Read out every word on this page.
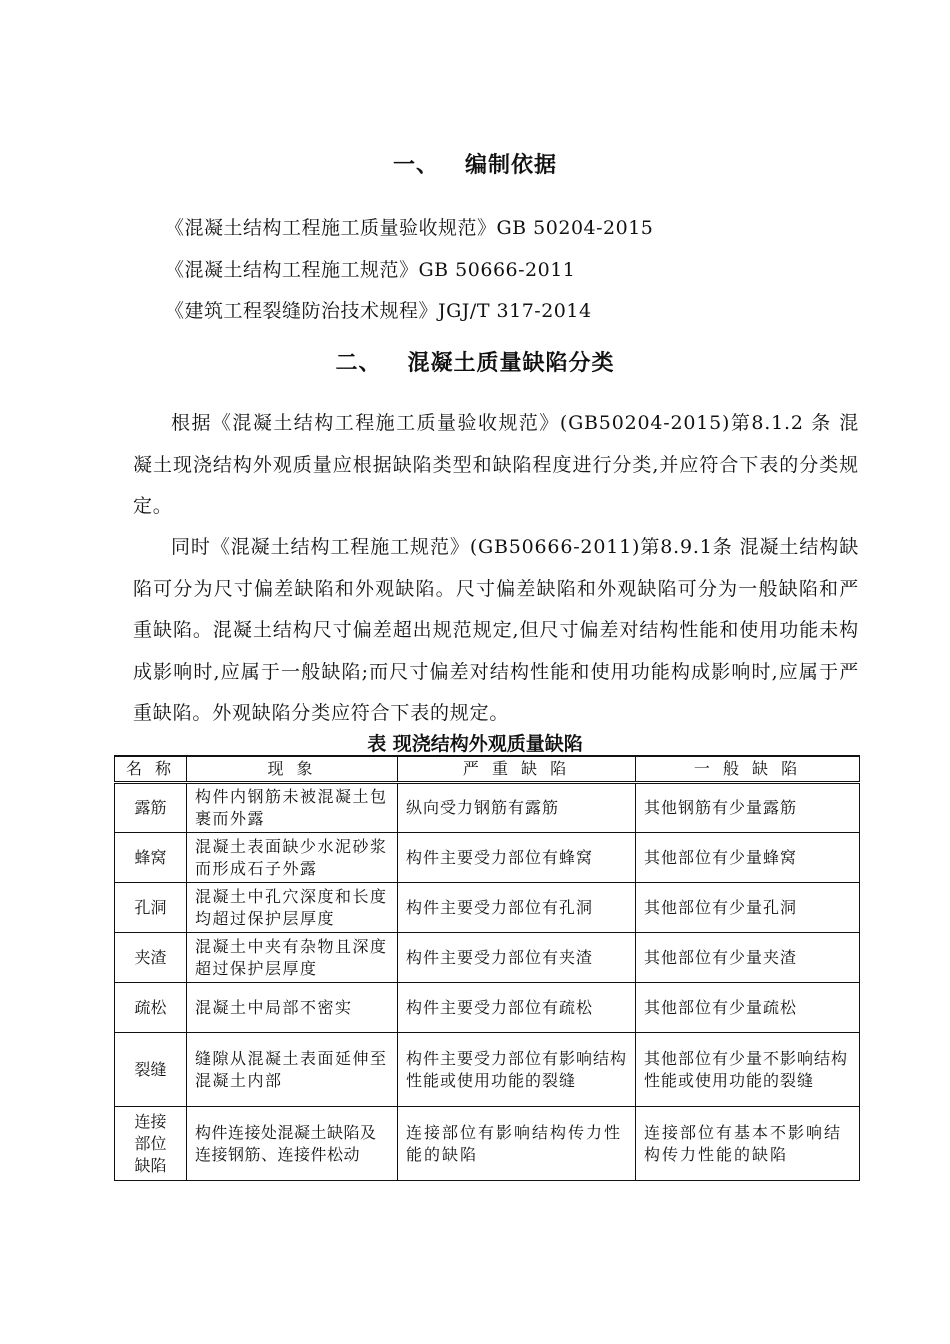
一、 编制依据
《混凝土结构工程施工质量验收规范》GB 50204-2015
《混凝土结构工程施工规范》GB 50666-2011
《建筑工程裂缝防治技术规程》JGJ/T 317-2014
二、 混凝土质量缺陷分类

根据《混凝土结构工程施工质量验收规范》(GB50204-2015)第8.1.2 条 混凝土现浇结构外观质量应根据缺陷类型和缺陷程度进行分类,并应符合下表的分类规定。

同时《混凝土结构工程施工规范》(GB50666-2011)第8.9.1条 混凝土结构缺陷可分为尺寸偏差缺陷和外观缺陷。尺寸偏差缺陷和外观缺陷可分为一般缺陷和严重缺陷。混凝土结构尺寸偏差超出规范规定,但尺寸偏差对结构性能和使用功能未构成影响时,应属于一般缺陷;而尺寸偏差对结构性能和使用功能构成影响时,应属于严重缺陷。外观缺陷分类应符合下表的规定。

表 现浇结构外观质量缺陷
名 称	现 象	严 重 缺 陷	一 般 缺 陷
露筋	构件内钢筋未被混凝土包裹而外露	纵向受力钢筋有露筋	其他钢筋有少量露筋
蜂窝	混凝土表面缺少水泥砂浆而形成石子外露	构件主要受力部位有蜂窝	其他部位有少量蜂窝
孔洞	混凝土中孔穴深度和长度均超过保护层厚度	构件主要受力部位有孔洞	其他部位有少量孔洞
夹渣	混凝土中夹有杂物且深度超过保护层厚度	构件主要受力部位有夹渣	其他部位有少量夹渣
疏松	混凝土中局部不密实	构件主要受力部位有疏松	其他部位有少量疏松
裂缝	缝隙从混凝土表面延伸至混凝土内部	构件主要受力部位有影响结构性能或使用功能的裂缝	其他部位有少量不影响结构性能或使用功能的裂缝
连接部位缺陷	构件连接处混凝土缺陷及连接钢筋、连接件松动	连接部位有影响结构传力性能的缺陷	连接部位有基本不影响结构传力性能的缺陷
